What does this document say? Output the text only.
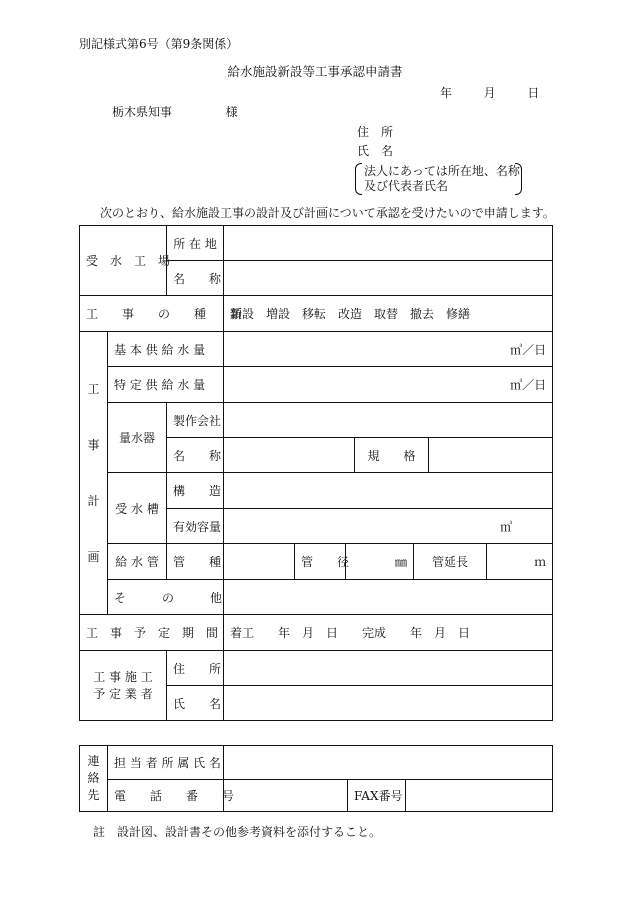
別記様式第6号（第9条関係）
給水施設新設等工事承認申請書
年	月	日
栃木県知事	様
住　所
氏　名
法人にあっては所在地、名称
及び代表者氏名
次のとおり、給水施設工事の設計及び計画について承認を受けたいので申請します。
受　水　工　場		所 在 地							
		名　　称							
工　　事　　の　　種　　類			新設　増設　移転　改造　取替　撤去　修繕						

工
事
計
画	基 本 供 給 水 量		㎥／日						
	特 定 供 給 水 量		㎥／日						
	量水器	製作会社							
		名　　称				規　　格			
	受 水 槽	構　　造							
		有効容量	㎥						
	給 水 管	管　　種		管　　径	㎜		管延長		ｍ
	そ　　　の　　　他								
工　事　予　定　期　間			着工　　年　月　日　　完成　　年　月　日						
工 事 施 工
予 定 業 者		住　　所							
		氏　　名							
連
絡
先	担 当 者 所 属 氏 名			
	電　　話　　番　　号		FAX番号	
註　設計図、設計書その他参考資料を添付すること。
